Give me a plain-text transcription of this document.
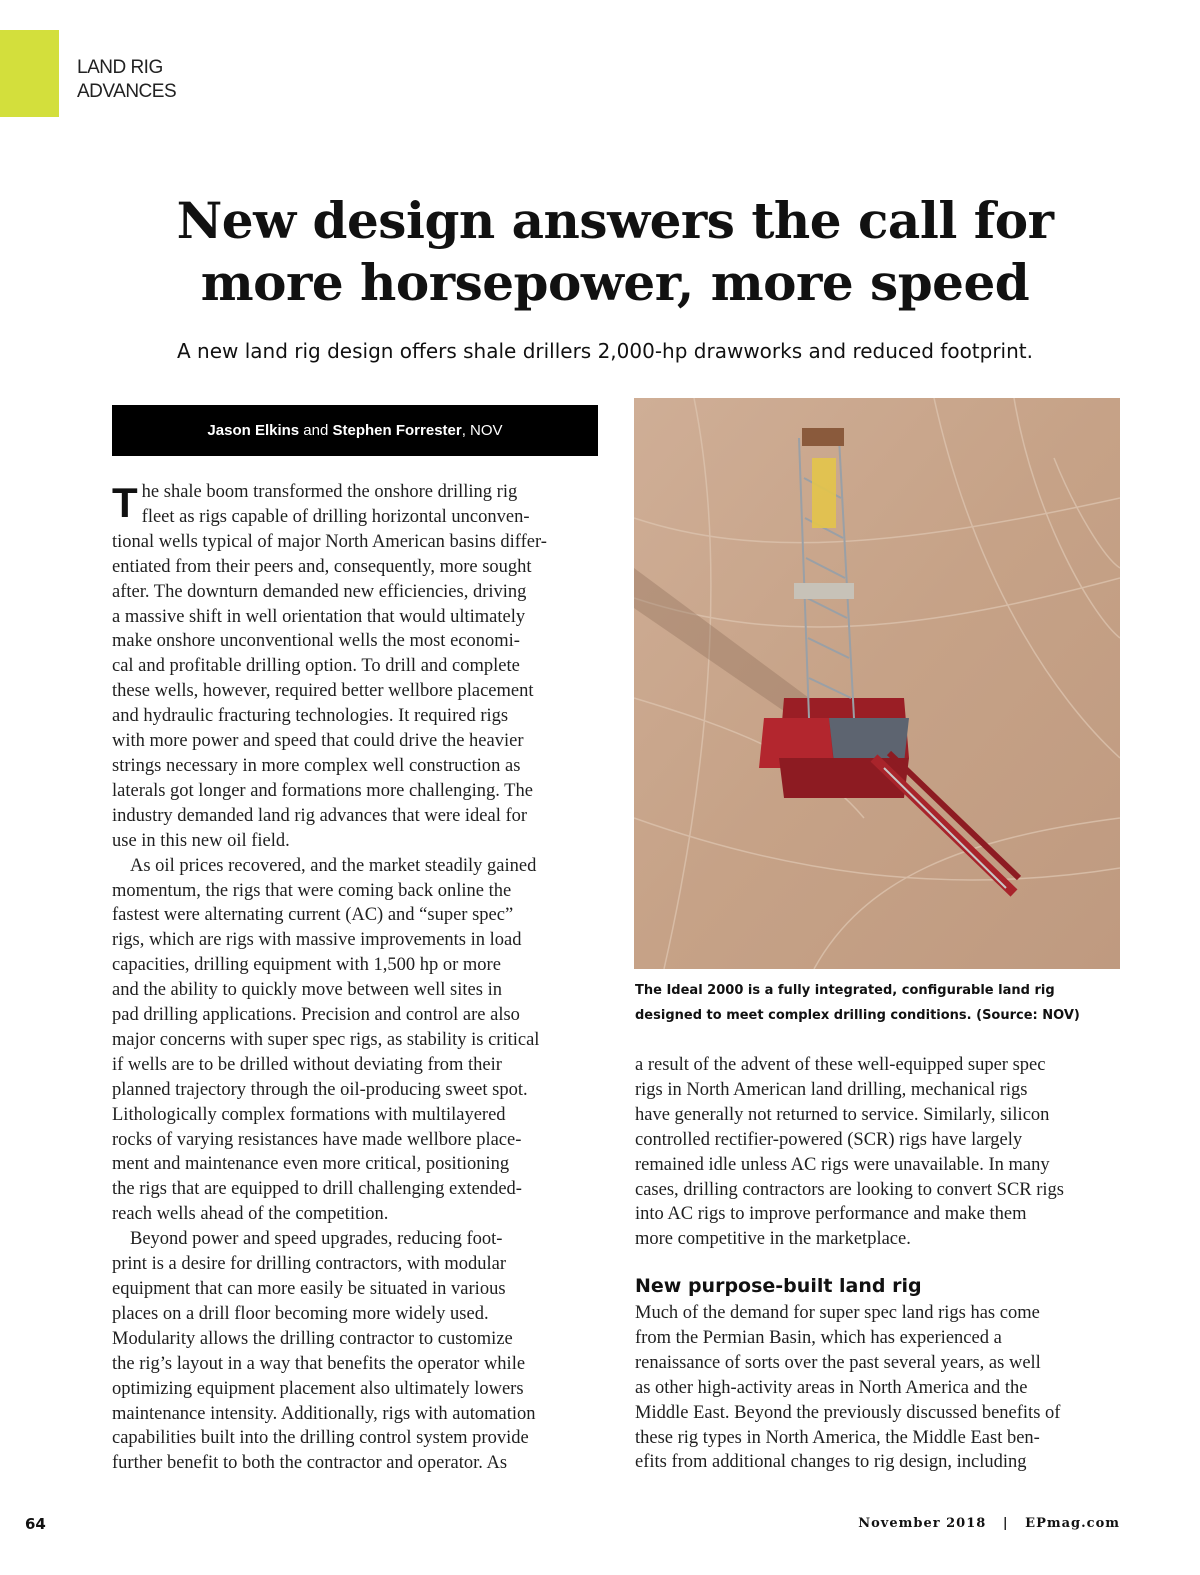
LAND RIG
ADVANCES
New design answers the call for
more horsepower, more speed
A new land rig design offers shale drillers 2,000-hp drawworks and reduced footprint.
Jason Elkins and Stephen Forrester, NOV
T he shale boom transformed the onshore drilling rig
fleet as rigs capable of drilling horizontal unconven-
tional wells typical of major North American basins differ-
entiated from their peers and, consequently, more sought
after. The downturn demanded new efficiencies, driving
a massive shift in well orientation that would ultimately
make onshore unconventional wells the most economi-
cal and profitable drilling option. To drill and complete
these wells, however, required better wellbore placement
and hydraulic fracturing technologies. It required rigs
with more power and speed that could drive the heavier
strings necessary in more complex well construction as
laterals got longer and formations more challenging. The
industry demanded land rig advances that were ideal for
use in this new oil field.
As oil prices recovered, and the market steadily gained
momentum, the rigs that were coming back online the
fastest were alternating current (AC) and “super spec”
rigs, which are rigs with massive improvements in load
capacities, drilling equipment with 1,500 hp or more
and the ability to quickly move between well sites in
pad drilling applications. Precision and control are also
major concerns with super spec rigs, as stability is critical
if wells are to be drilled without deviating from their
planned trajectory through the oil-producing sweet spot.
Lithologically complex formations with multilayered
rocks of varying resistances have made wellbore place-
ment and maintenance even more critical, positioning
the rigs that are equipped to drill challenging extended-
reach wells ahead of the competition.
Beyond power and speed upgrades, reducing foot-
print is a desire for drilling contractors, with modular
equipment that can more easily be situated in various
places on a drill floor becoming more widely used.
Modularity allows the drilling contractor to customize
the rig’s layout in a way that benefits the operator while
optimizing equipment placement also ultimately lowers
maintenance intensity. Additionally, rigs with automation
capabilities built into the drilling control system provide
further benefit to both the contractor and operator. As
The Ideal 2000 is a fully integrated, configurable land rig
designed to meet complex drilling conditions. (Source: NOV)
a result of the advent of these well-equipped super spec
rigs in North American land drilling, mechanical rigs
have generally not returned to service. Similarly, silicon
controlled rectifier-powered (SCR) rigs have largely
remained idle unless AC rigs were unavailable. In many
cases, drilling contractors are looking to convert SCR rigs
into AC rigs to improve performance and make them
more competitive in the marketplace.
New purpose-built land rig
Much of the demand for super spec land rigs has come
from the Permian Basin, which has experienced a
renaissance of sorts over the past several years, as well
as other high-activity areas in North America and the
Middle East. Beyond the previously discussed benefits of
these rig types in North America, the Middle East ben-
efits from additional changes to rig design, including
64	November 2018   |   EPmag.com
